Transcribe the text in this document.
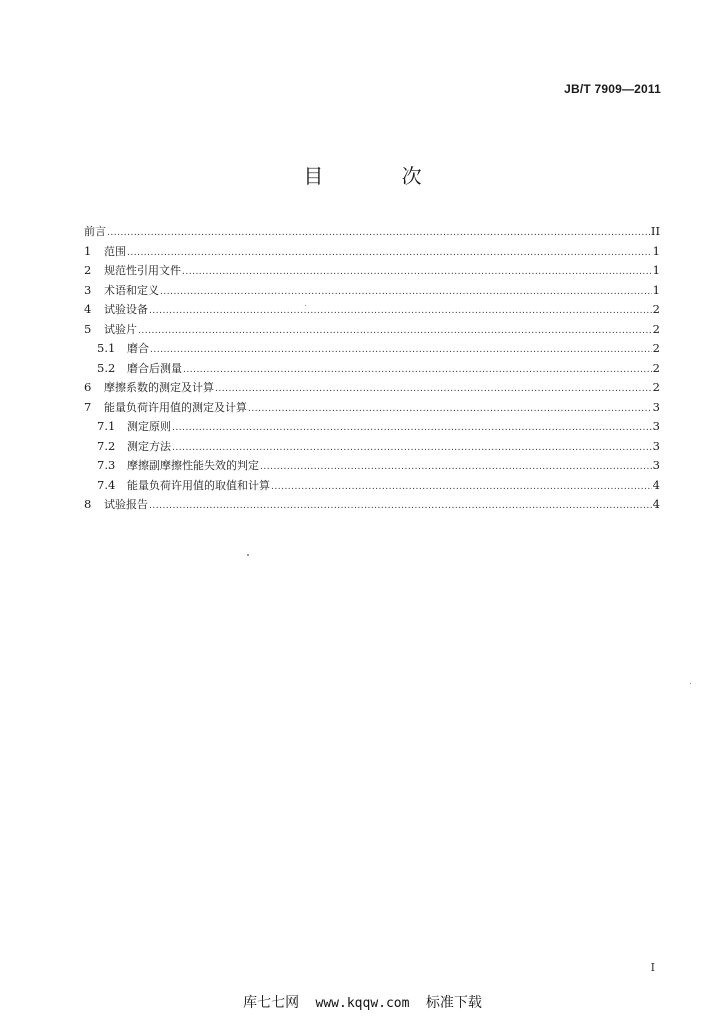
JB/T 7909—2011
目 次
前言 .....	II
1	范围 .....	1
2	规范性引用文件 .....	1
3	术语和定义 .....	1
4	试验设备 .....	2
5	试验片 .....	2
5.1	磨合 .....	2
5.2	磨合后测量 .....	2
6	摩擦系数的测定及计算 .....	2
7	能量负荷许用值的测定及计算 .....	3
7.1	测定原则 .....	3
7.2	测定方法 .....	3
7.3	摩擦副摩擦性能失效的判定 .....	3
7.4	能量负荷许用值的取值和计算 .....	4
8	试验报告 .....	4
I
库七七网 www.kqqw.com 标准下载
